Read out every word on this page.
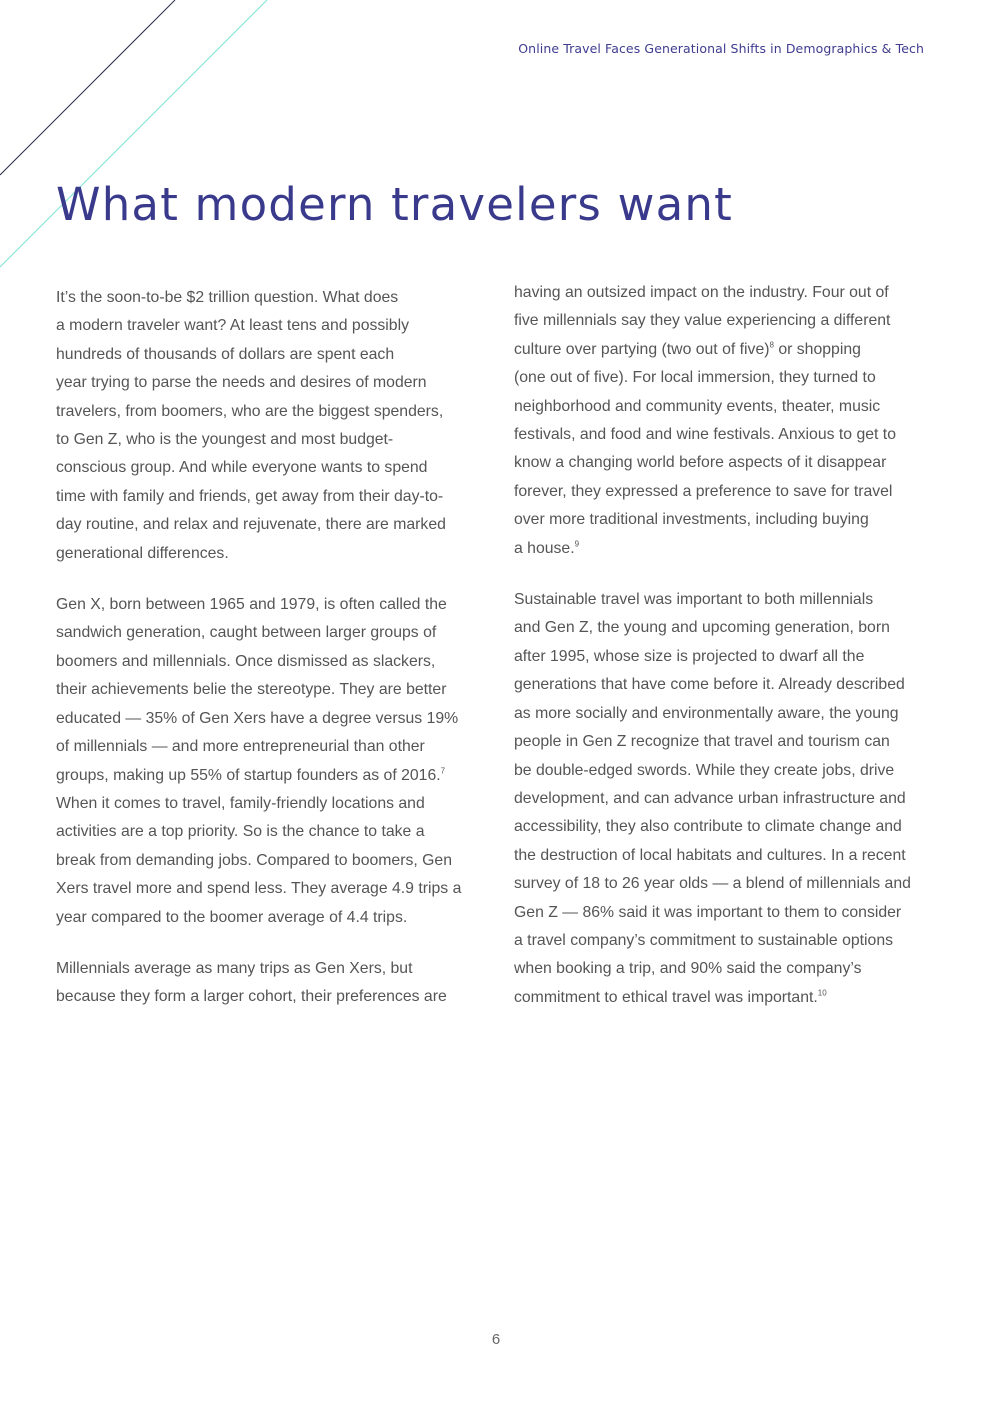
Online Travel Faces Generational Shifts in Demographics & Tech
What modern travelers want

It’s the soon-to-be $2 trillion question. What does
a modern traveler want? At least tens and possibly
hundreds of thousands of dollars are spent each
year trying to parse the needs and desires of modern
travelers, from boomers, who are the biggest spenders,
to Gen Z, who is the youngest and most budget-
conscious group. And while everyone wants to spend
time with family and friends, get away from their day-to-
day routine, and relax and rejuvenate, there are marked
generational differences.

Gen X, born between 1965 and 1979, is often called the
sandwich generation, caught between larger groups of
boomers and millennials. Once dismissed as slackers,
their achievements belie the stereotype. They are better
educated — 35% of Gen Xers have a degree versus 19%
of millennials — and more entrepreneurial than other
groups, making up 55% of startup founders as of 2016.$^7$
When it comes to travel, family-friendly locations and
activities are a top priority. So is the chance to take a
break from demanding jobs. Compared to boomers, Gen
Xers travel more and spend less. They average 4.9 trips a
year compared to the boomer average of 4.4 trips.

Millennials average as many trips as Gen Xers, but
because they form a larger cohort, their preferences are

having an outsized impact on the industry. Four out of
five millennials say they value experiencing a different
culture over partying (two out of five)$^8$ or shopping
(one out of five). For local immersion, they turned to
neighborhood and community events, theater, music
festivals, and food and wine festivals. Anxious to get to
know a changing world before aspects of it disappear
forever, they expressed a preference to save for travel
over more traditional investments, including buying
a house.$^9$

Sustainable travel was important to both millennials
and Gen Z, the young and upcoming generation, born
after 1995, whose size is projected to dwarf all the
generations that have come before it. Already described
as more socially and environmentally aware, the young
people in Gen Z recognize that travel and tourism can
be double-edged swords. While they create jobs, drive
development, and can advance urban infrastructure and
accessibility, they also contribute to climate change and
the destruction of local habitats and cultures. In a recent
survey of 18 to 26 year olds — a blend of millennials and
Gen Z — 86% said it was important to them to consider
a travel company’s commitment to sustainable options
when booking a trip, and 90% said the company’s
commitment to ethical travel was important.$^{10}$

6
